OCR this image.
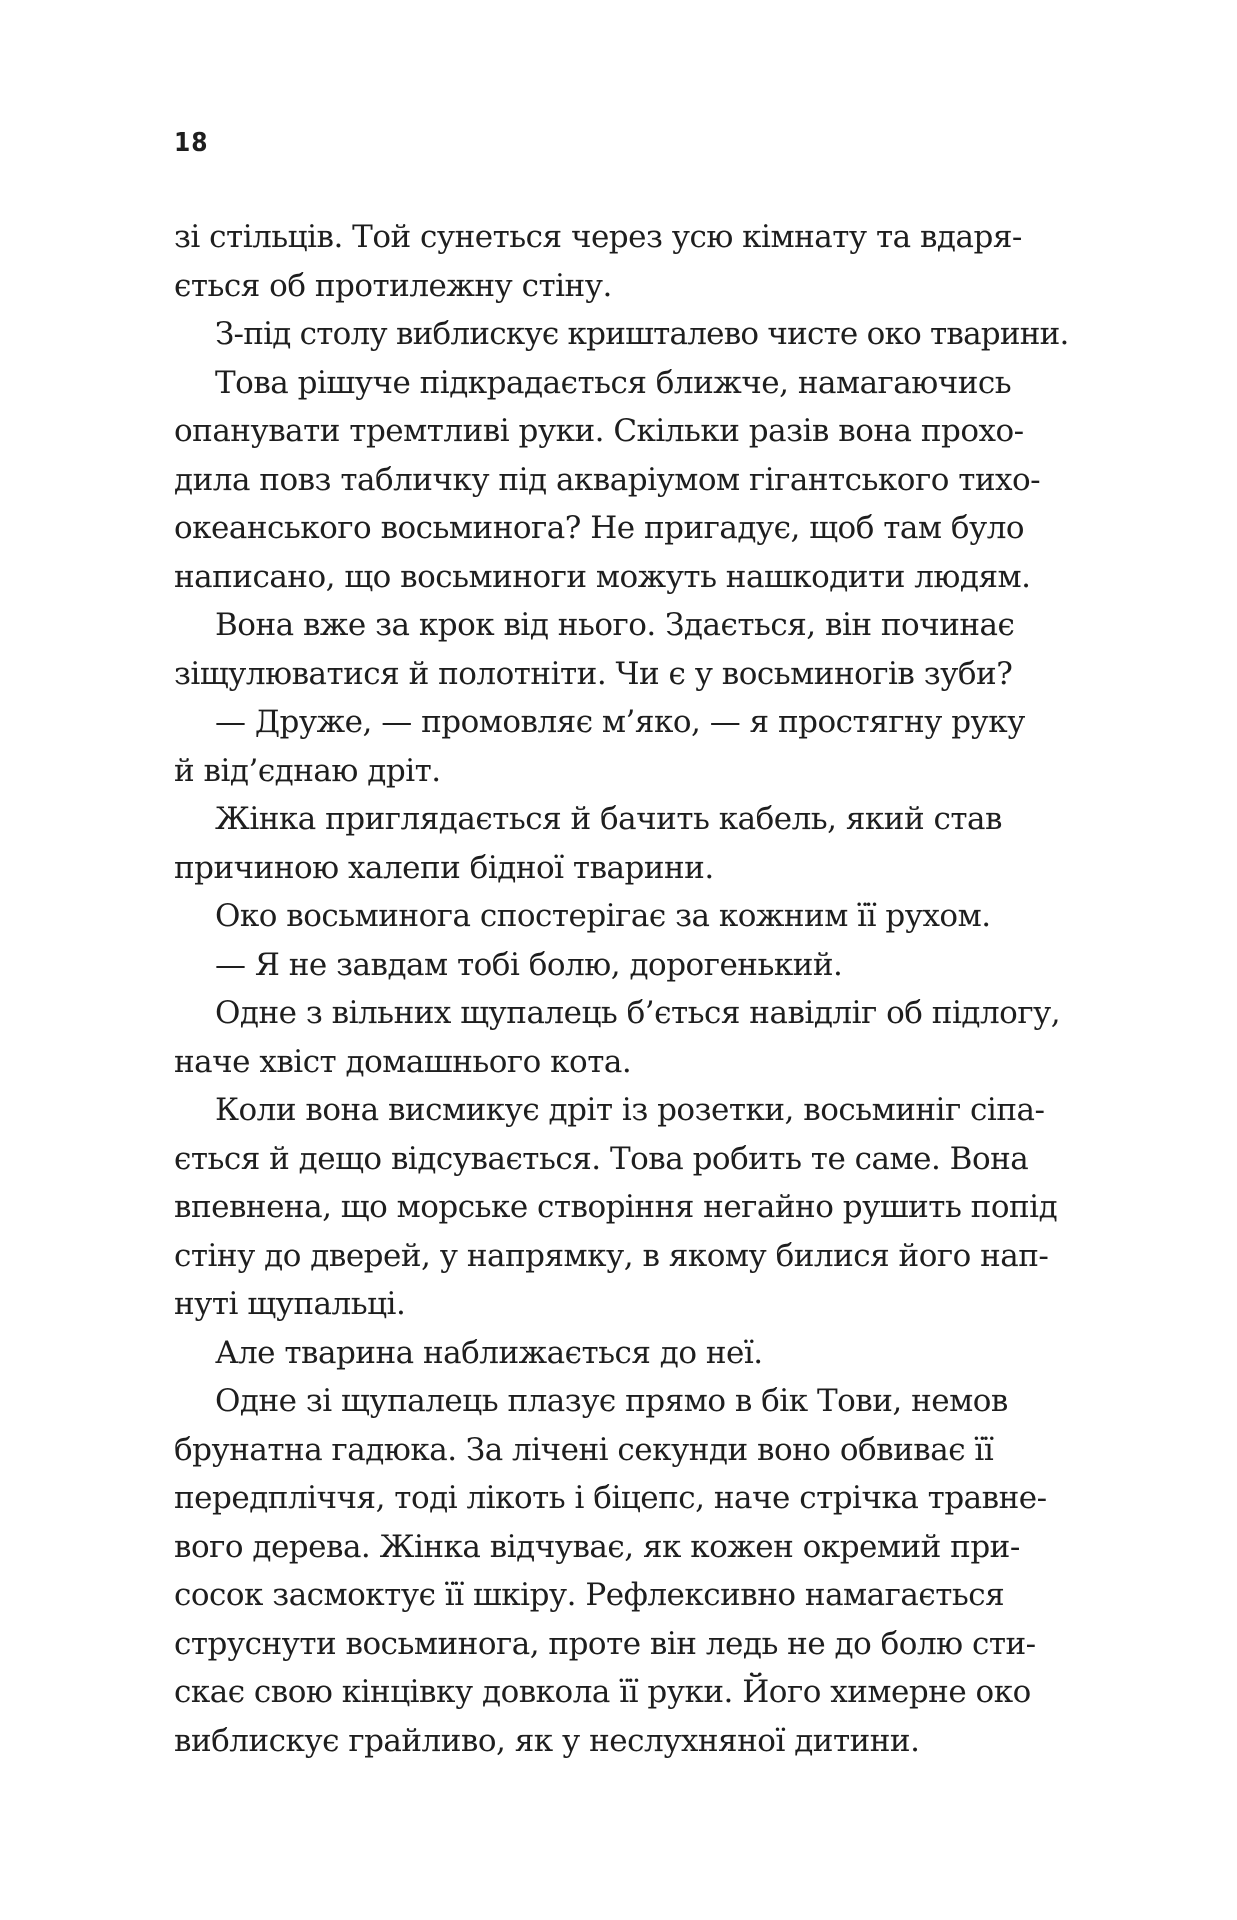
18
зі стільців. Той сунеться через усю кімнату та вдаря-
ється об протилежну стіну.
З-під столу виблискує кришталево чисте око тварини.
Това рішуче підкрадається ближче, намагаючись
опанувати тремтливі руки. Скільки разів вона прохо-
дила повз табличку під акваріумом гігантського тихо-
океанського восьминога? Не пригадує, щоб там було
написано, що восьминоги можуть нашкодити людям.
Вона вже за крок від нього. Здається, він починає
зіщулюватися й полотніти. Чи є у восьминогів зуби?
— Друже, — промовляє м’яко, — я простягну руку
й від’єднаю дріт.
Жінка приглядається й бачить кабель, який став
причиною халепи бідної тварини.
Око восьминога спостерігає за кожним її рухом.
— Я не завдам тобі болю, дорогенький.
Одне з вільних щупалець б’ється навідліг об підлогу,
наче хвіст домашнього кота.
Коли вона висмикує дріт із розетки, восьминіг сіпа-
ється й дещо відсувається. Това робить те саме. Вона
впевнена, що морське створіння негайно рушить попід
стіну до дверей, у напрямку, в якому билися його нап-
нуті щупальці.
Але тварина наближається до неї.
Одне зі щупалець плазує прямо в бік Тови, немов
брунатна гадюка. За лічені секунди воно обвиває її
передпліччя, тоді лікоть і біцепс, наче стрічка травне-
вого дерева. Жінка відчуває, як кожен окремий при-
сосок засмоктує її шкіру. Рефлексивно намагається
струснути восьминога, проте він ледь не до болю сти-
скає свою кінцівку довкола її руки. Його химерне око
виблискує грайливо, як у неслухняної дитини.
